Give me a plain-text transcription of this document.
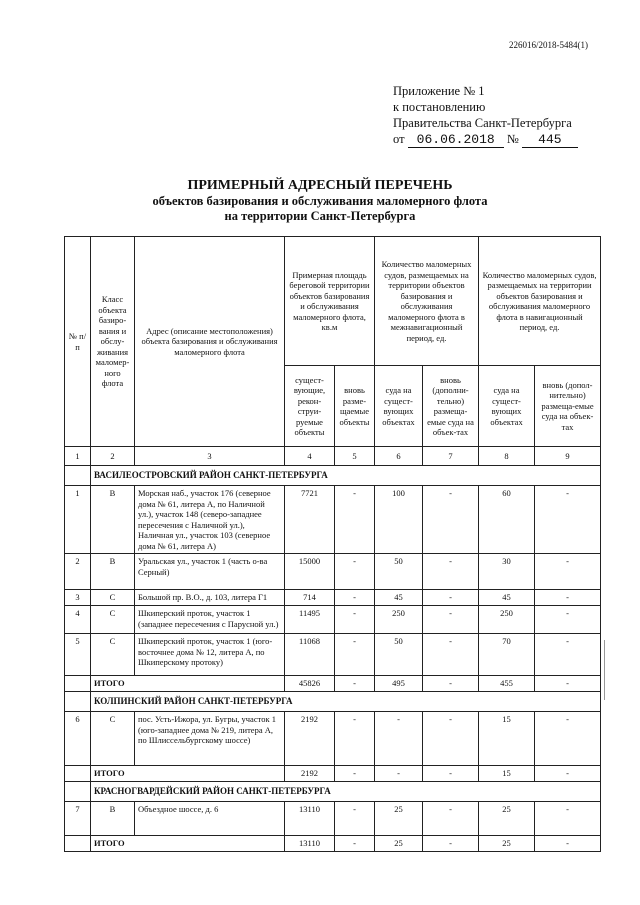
226016/2018-5484(1)
Приложение № 1
к постановлению
Правительства Санкт-Петербурга
от 06.06.2018 № 445
ПРИМЕРНЫЙ АДРЕСНЫЙ ПЕРЕЧЕНЬ
объектов базирования и обслуживания маломерного флота
на территории Санкт-Петербурга
№ п/п	Класс объекта базиро-вания и обслу-живания маломер-ного флота	Адрес (описание местоположения) объекта базирования и обслуживания маломерного флота	Примерная площадь береговой территории объектов базирования и обслуживания маломерного флота, кв.м		Количество маломерных судов, размещаемых на территории объектов базирования и обслуживания маломерного флота в межнавигационный период, ед.		Количество маломерных судов, размещаемых на территории объектов базирования и обслуживания маломерного флота в навигационный период, ед.	
			сущест-вующие, рекон-струи-руемые объекты	вновь разме-щаемые объекты	суда на сущест-вующих объектах	вновь (дополни-тельно) размеща-емые суда на объек-тах	суда на сущест-вующих объектах	вновь (допол-нительно) размеща-емые суда на объек-тах
1	2	3	4	5	6	7	8	9
	ВАСИЛЕОСТРОВСКИЙ РАЙОН САНКТ-ПЕТЕРБУРГА							
1	В	Морская наб., участок 176 (северное дома № 61, литера А, по Наличной ул.), участок 148 (северо-западнее пересечения с Наличной ул.), Наличная ул., участок 103 (северное дома № 61, литера А)	7721	-	100	-	60	-
2	В	Уральская ул., участок 1 (часть о-ва Серный)	15000	-	50	-	30	-
3	С	Большой пр. В.О., д. 103, литера Г1	714	-	45	-	45	-
4	С	Шкиперский проток, участок 1 (западнее пересечения с Парусной ул.)	11495	-	250	-	250	-
5	С	Шкиперский проток, участок 1 (юго-восточнее дома № 12, литера А, по Шкиперскому протоку)	11068	-	50	-	70	-
	ИТОГО		45826	-	495	-	455	-
	КОЛПИНСКИЙ РАЙОН САНКТ-ПЕТЕРБУРГА							
6	С	пос. Усть-Ижора, ул. Бугры, участок 1 (юго-западнее дома № 219, литера А, по Шлиссельбургскому шоссе)	2192	-	-	-	15	-
	ИТОГО		2192	-	-	-	15	-
	КРАСНОГВАРДЕЙСКИЙ РАЙОН САНКТ-ПЕТЕРБУРГА							
7	В	Объездное шоссе, д. 6	13110	-	25	-	25	-
	ИТОГО		13110	-	25	-	25	-
